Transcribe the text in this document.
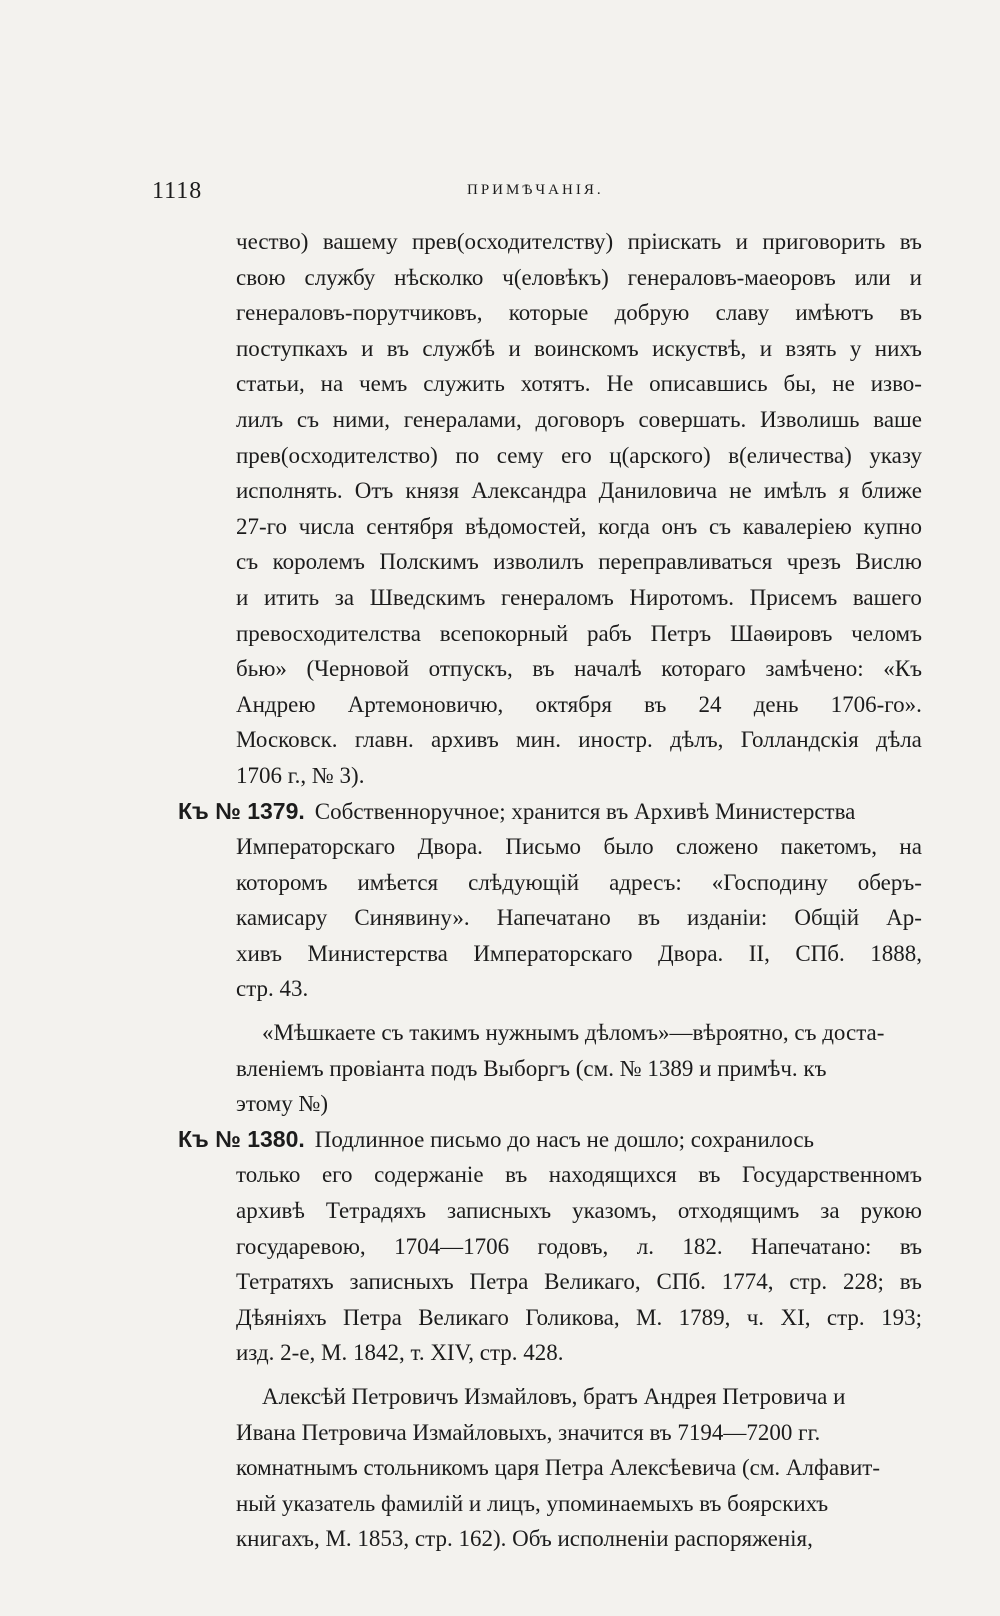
1118	ПРИМѢЧАНІЯ.
чество) вашему прев(осходителству) пріискать и приговорить въ
свою службу нѣсколко ч(еловѣкъ) генераловъ-маеоровъ или и
генераловъ-порутчиковъ, которые добрую славу имѣютъ въ
поступкахъ и въ службѣ и воинскомъ искуствѣ, и взять у нихъ
статьи, на чемъ служить хотятъ. Не описавшись бы, не изво-
лилъ съ ними, генералами, договоръ совершать. Изволишь ваше
прев(осходителство) по сему его ц(арского) в(еличества) указу
исполнять. Отъ князя Александра Даниловича не имѣлъ я ближе
27-го числа сентября вѣдомостей, когда онъ съ кавалеріею купно
съ королемъ Полскимъ изволилъ переправливаться чрезъ Вислю
и итить за Шведскимъ генераломъ Ниротомъ. Присемъ вашего
превосходителства всепокорный рабъ Петръ Шаѳировъ челомъ
бью» (Черновой отпускъ, въ началѣ котораго замѣчено: «Къ
Андрею Артемоновичю, октября въ 24 день 1706-го».
Московск. главн. архивъ мин. иностр. дѣлъ, Голландскія дѣла
1706 г., № 3).
Къ № 1379. Собственноручное; хранится въ Архивѣ Министерства
Императорскаго Двора. Письмо было сложено пакетомъ, на
которомъ имѣется слѣдующій адресъ: «Господину оберъ-
камисару Синявину». Напечатано въ изданіи: Общій Ар-
хивъ Министерства Императорскаго Двора. II, СПб. 1888,
стр. 43.
«Мѣшкаете съ такимъ нужнымъ дѣломъ»—вѣроятно, съ доста-
вленіемъ провіанта подъ Выборгъ (см. № 1389 и примѣч. къ
этому №)
Къ № 1380. Подлинное письмо до насъ не дошло; сохранилось
только его содержаніе въ находящихся въ Государственномъ
архивѣ Тетрадяхъ записныхъ указомъ, отходящимъ за рукою
государевою, 1704—1706 годовъ, л. 182. Напечатано: въ
Тетратяхъ записныхъ Петра Великаго, СПб. 1774, стр. 228; въ
Дѣяніяхъ Петра Великаго Голикова, М. 1789, ч. XI, стр. 193;
изд. 2-е, М. 1842, т. XIV, стр. 428.
Алексѣй Петровичъ Измайловъ, братъ Андрея Петровича и
Ивана Петровича Измайловыхъ, значится въ 7194—7200 гг.
комнатнымъ стольникомъ царя Петра Алексѣевича (см. Алфавит-
ный указатель фамилій и лицъ, упоминаемыхъ въ боярскихъ
книгахъ, М. 1853, стр. 162). Объ исполненіи распоряженія,
